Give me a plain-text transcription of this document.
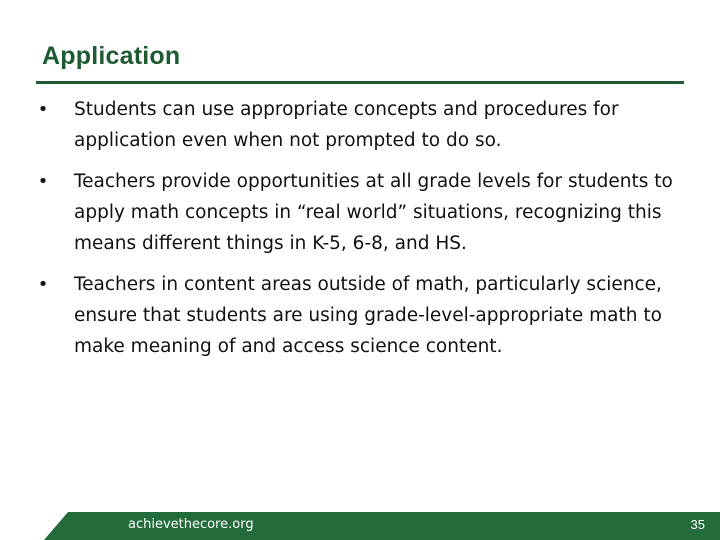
Application
• Students can use appropriate concepts and procedures for application even when not prompted to do so.
• Teachers provide opportunities at all grade levels for students to apply math concepts in “real world” situations, recognizing this means different things in K-5, 6-8, and HS.
• Teachers in content areas outside of math, particularly science, ensure that students are using grade-level-appropriate math to make meaning of and access science content.
achievethecore.org	35
